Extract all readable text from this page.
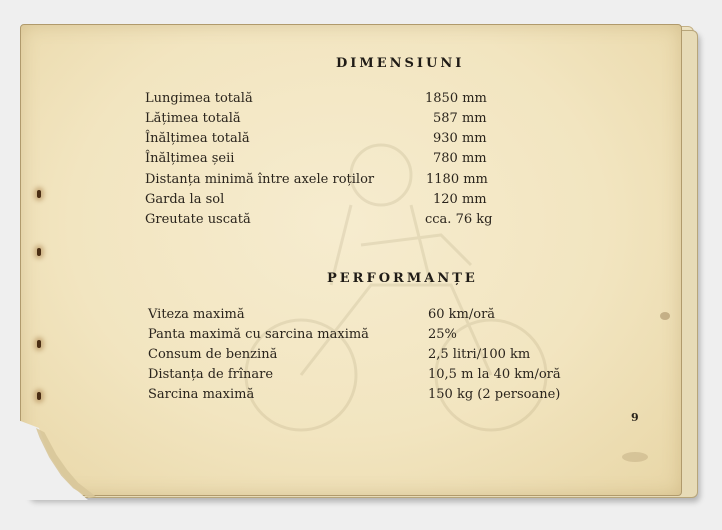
DIMENSIUNI
Lungimea totală	1850 mm
Lățimea totală	587 mm
Înălțimea totală	930 mm
Înălțimea șeii	780 mm
Distanța minimă între axele roților	1180 mm
Garda la sol	120 mm
Greutate uscată	cca. 76 kg
PERFORMANȚE
Viteza maximă	60 km/oră
Panta maximă cu sarcina maximă	25%
Consum de benzină	2,5 litri/100 km
Distanța de frînare	10,5 m la 40 km/oră
Sarcina maximă	150 kg (2 persoane)
9
